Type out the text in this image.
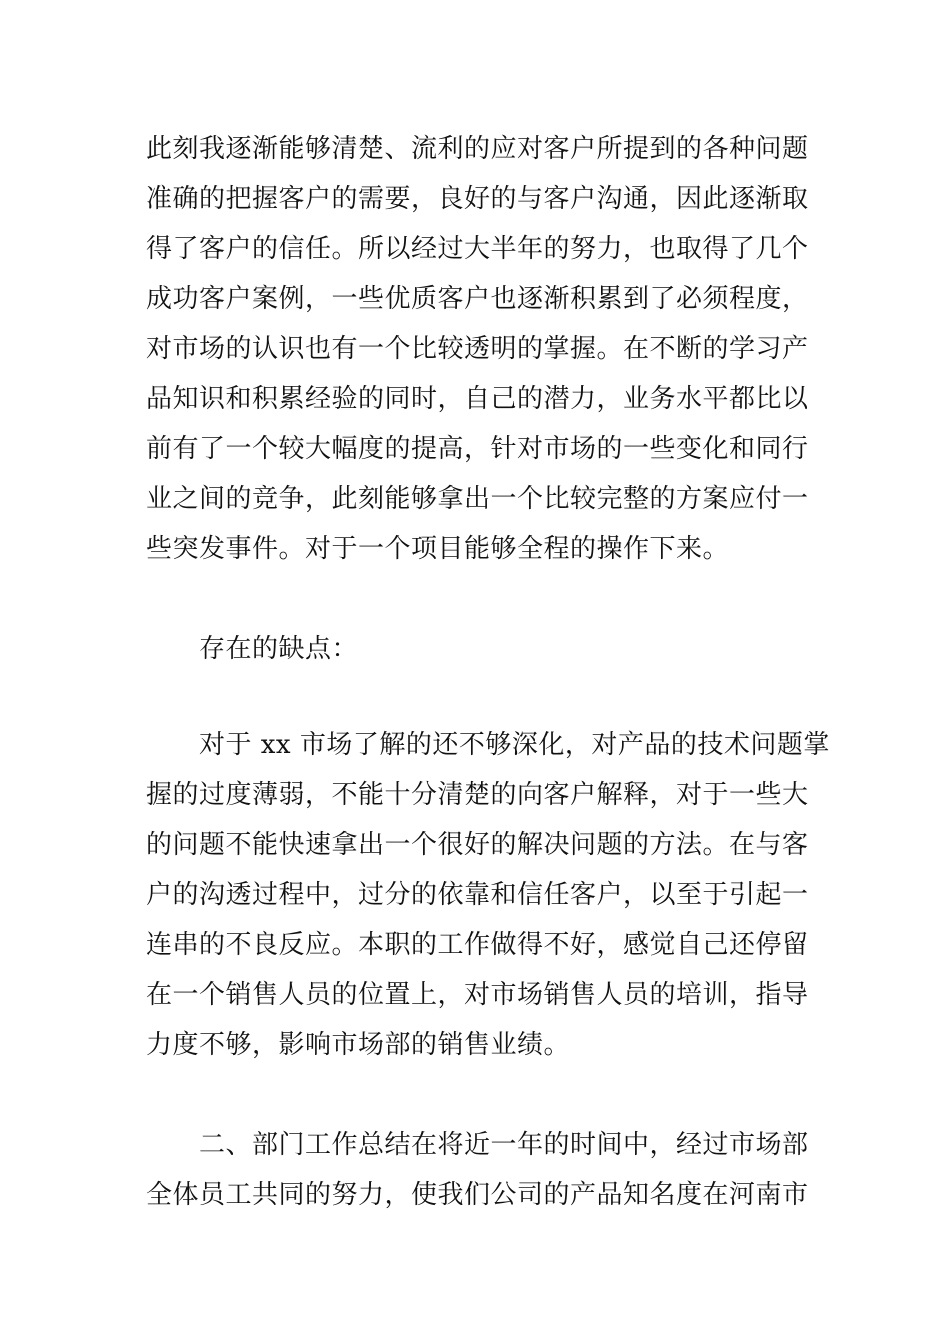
此刻我逐渐能够清楚、流利的应对客户所提到的各种问题
准确的把握客户的需要，良好的与客户沟通，因此逐渐取
得了客户的信任。所以经过大半年的努力，也取得了几个
成功客户案例，一些优质客户也逐渐积累到了必须程度，
对市场的认识也有一个比较透明的掌握。在不断的学习产
品知识和积累经验的同时，自己的潜力，业务水平都比以
前有了一个较大幅度的提高，针对市场的一些变化和同行
业之间的竞争，此刻能够拿出一个比较完整的方案应付一
些突发事件。对于一个项目能够全程的操作下来。
　　存在的缺点：
　　对于 xx 市场了解的还不够深化，对产品的技术问题掌
握的过度薄弱，不能十分清楚的向客户解释，对于一些大
的问题不能快速拿出一个很好的解决问题的方法。在与客
户的沟透过程中，过分的依靠和信任客户，以至于引起一
连串的不良反应。本职的工作做得不好，感觉自己还停留
在一个销售人员的位置上，对市场销售人员的培训，指导
力度不够，影响市场部的销售业绩。
　　二、部门工作总结在将近一年的时间中，经过市场部
全体员工共同的努力，使我们公司的产品知名度在河南市
